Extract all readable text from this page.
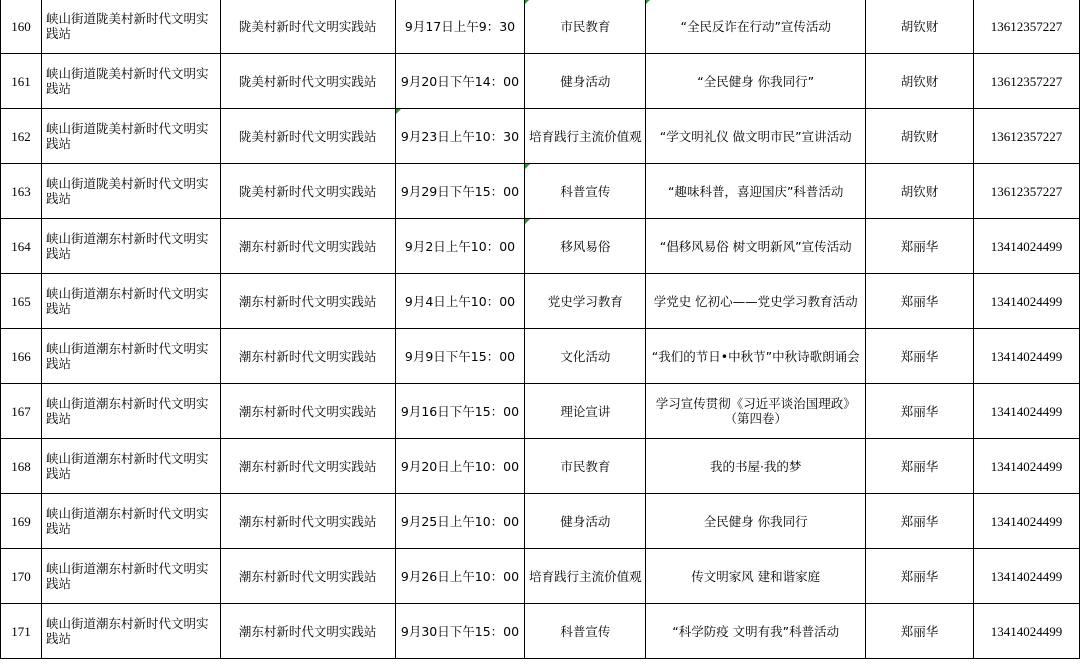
160	峡山街道陇美村新时代文明实践站	陇美村新时代文明实践站	9月17日上午9：30	市民教育	“全民反诈在行动”宣传活动	胡钦财	13612357227
161	峡山街道陇美村新时代文明实践站	陇美村新时代文明实践站	9月20日下午14：00	健身活动	“全民健身 你我同行”	胡钦财	13612357227
162	峡山街道陇美村新时代文明实践站	陇美村新时代文明实践站	9月23日上午10：30	培育践行主流价值观	“学文明礼仪 做文明市民”宣讲活动	胡钦财	13612357227
163	峡山街道陇美村新时代文明实践站	陇美村新时代文明实践站	9月29日下午15：00	科普宣传	“趣味科普，喜迎国庆”科普活动	胡钦财	13612357227
164	峡山街道潮东村新时代文明实践站	潮东村新时代文明实践站	9月2日上午10：00	移风易俗	“倡移风易俗 树文明新风”宣传活动	郑丽华	13414024499
165	峡山街道潮东村新时代文明实践站	潮东村新时代文明实践站	9月4日上午10：00	党史学习教育	学党史 忆初心——党史学习教育活动	郑丽华	13414024499
166	峡山街道潮东村新时代文明实践站	潮东村新时代文明实践站	9月9日下午15：00	文化活动	“我们的节日•中秋节”中秋诗歌朗诵会	郑丽华	13414024499
167	峡山街道潮东村新时代文明实践站	潮东村新时代文明实践站	9月16日下午15：00	理论宣讲	学习宣传贯彻《习近平谈治国理政》（第四卷）	郑丽华	13414024499
168	峡山街道潮东村新时代文明实践站	潮东村新时代文明实践站	9月20日上午10：00	市民教育	我的书屋·我的梦	郑丽华	13414024499
169	峡山街道潮东村新时代文明实践站	潮东村新时代文明实践站	9月25日上午10：00	健身活动	全民健身 你我同行	郑丽华	13414024499
170	峡山街道潮东村新时代文明实践站	潮东村新时代文明实践站	9月26日上午10：00	培育践行主流价值观	传文明家风 建和谐家庭	郑丽华	13414024499
171	峡山街道潮东村新时代文明实践站	潮东村新时代文明实践站	9月30日下午15：00	科普宣传	“科学防疫 文明有我”科普活动	郑丽华	13414024499
